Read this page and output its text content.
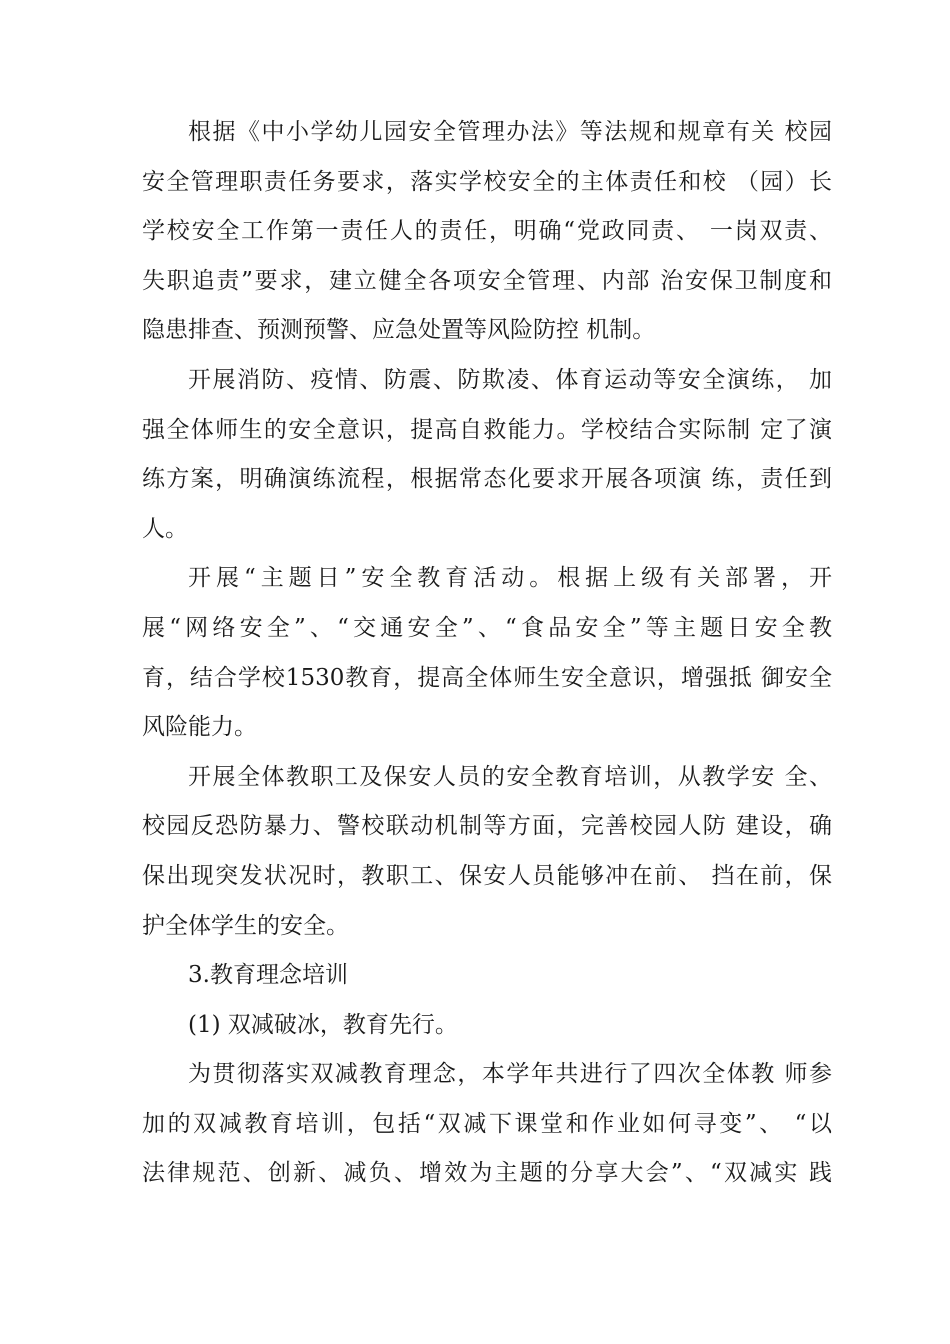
根据《中小学幼儿园安全管理办法》等法规和规章有关 校园
安全管理职责任务要求，落实学校安全的主体责任和校 （园）长
学校安全工作第一责任人的责任，明确“党政同责、 一岗双责、
失职追责”要求，建立健全各项安全管理、内部 治安保卫制度和
隐患排查、预测预警、应急处置等风险防控 机制。
开展消防、疫情、防震、防欺凌、体育运动等安全演练， 加
强全体师生的安全意识，提高自救能力。学校结合实际制 定了演
练方案，明确演练流程，根据常态化要求开展各项演 练，责任到
人。
开展“主题日”安全教育活动。根据上级有关部署，开
展“网络安全”、“交通安全”、“食品安全”等主题日安全教
育，结合学校1530教育，提高全体师生安全意识，增强抵 御安全
风险能力。
开展全体教职工及保安人员的安全教育培训，从教学安 全、
校园反恐防暴力、警校联动机制等方面，完善校园人防 建设，确
保出现突发状况时，教职工、保安人员能够冲在前、 挡在前，保
护全体学生的安全。
3.教育理念培训
(1) 双减破冰，教育先行。
为贯彻落实双减教育理念，本学年共进行了四次全体教 师参
加的双减教育培训，包括“双减下课堂和作业如何寻变”、 “以
法律规范、创新、减负、增效为主题的分享大会”、“双减实 践
